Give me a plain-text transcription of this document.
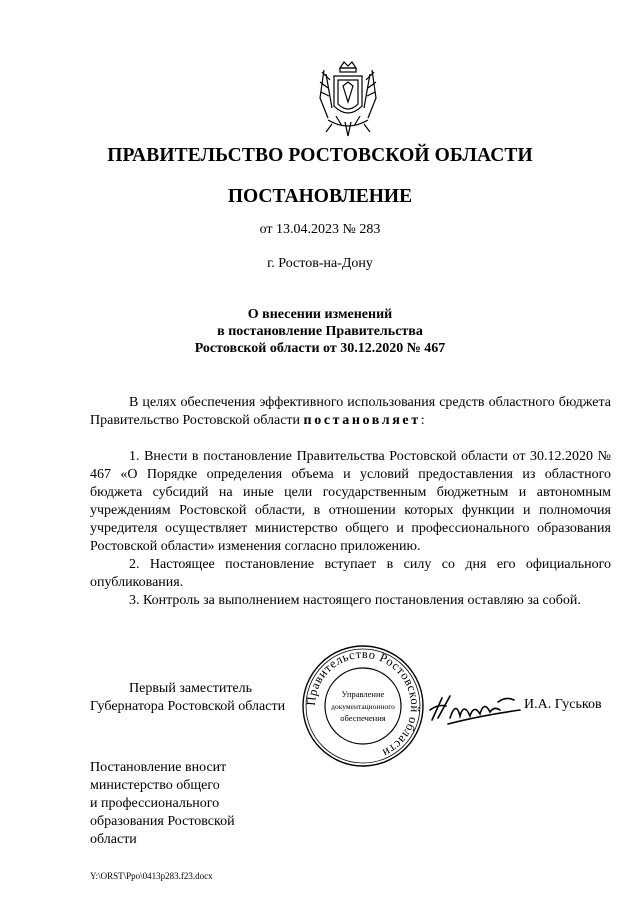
ПРАВИТЕЛЬСТВО РОСТОВСКОЙ ОБЛАСТИ
ПОСТАНОВЛЕНИЕ
от 13.04.2023 № 283
г. Ростов-на-Дону
О внесении изменений
в постановление Правительства
Ростовской области от 30.12.2020 № 467

В целях обеспечения эффективного использования средств областного бюджета Правительство Ростовской области постановляет:

1. Внести в постановление Правительства Ростовской области от 30.12.2020 № 467 «О Порядке определения объема и условий предоставления из областного бюджета субсидий на иные цели государственным бюджетным и автономным учреждениям Ростовской области, в отношении которых функции и полномочия учредителя осуществляет министерство общего и профессионального образования Ростовской области» изменения согласно приложению.

2. Настоящее постановление вступает в силу со дня его официального опубликования.

3. Контроль за выполнением настоящего постановления оставляю за собой.

Первый заместитель
Губернатора Ростовской области Правительство Ростовской области
Управление
документационного
обеспечения
И.А. Гуськов
Постановление вносит
министерство общего
и профессионального
образования Ростовской
области
Y:\ORST\Ppo\0413p283.f23.docx
